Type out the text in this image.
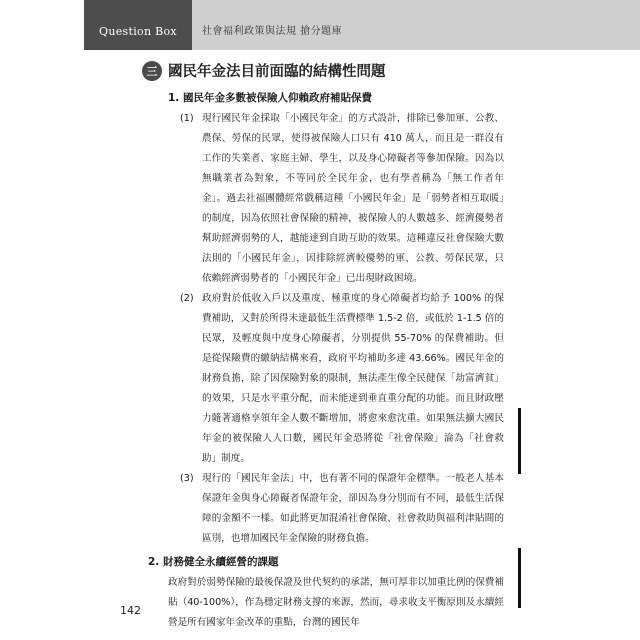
Question Box	社會福利政策與法規 搶分題庫
三 國民年金法目前面臨的結構性問題
1. 國民年金多數被保險人仰賴政府補貼保費
(1) 現行國民年金採取「小國民年金」的方式設計，排除已參加軍、公教、農保、勞保的民眾，使得被保險人口只有 410 萬人，而且是一群沒有工作的失業者、家庭主婦、學生，以及身心障礙者等參加保險。因為以無職業者為對象，不等同於全民年金，也有學者稱為「無工作者年金」。過去社福團體經常戲稱這種「小國民年金」是「弱勢者相互取暖」的制度，因為依照社會保險的精神，被保險人的人數越多、經濟優勢者幫助經濟弱勢的人，越能達到自助互助的效果。這種違反社會保險大數法則的「小國民年金」，因排除經濟較優勢的軍、公教、勞保民眾，只依賴經濟弱勢者的「小國民年金」已出現財政困境。
(2) 政府對於低收入戶以及重度、極重度的身心障礙者均給予 100% 的保費補助，又對於所得未達最低生活費標準 1.5-2 倍，或低於 1-1.5 倍的民眾，及輕度與中度身心障礙者，分別提供 55-70% 的保費補助。但是從保險費的繳納結構來看，政府平均補助多達 43.66%。國民年金的財務負擔，除了因保險對象的限制，無法產生像全民健保「劫富濟貧」的效果，只是水平重分配，而未能達到垂直重分配的功能。而且財政壓力隨著適格享領年金人數不斷增加，將愈來愈沈重。如果無法擴大國民年金的被保險人人口數，國民年金恐將從「社會保險」淪為「社會救助」制度。
(3) 現行的「國民年金法」中，也有著不同的保證年金標準。一般老人基本保證年金與身心障礙者保證年金，卻因為身分別而有不同，最低生活保障的金額不一樣。如此將更加混淆社會保險、社會救助與福利津貼間的區別，也增加國民年金保險的財務負擔。
2. 財務健全永續經營的課題
政府對於弱勢保險的最後保證及世代契約的承諾，無可厚非以加重比例的保費補貼（40-100%），作為穩定財務支撐的來源，然而，尋求收支平衡原則及永續經營是所有國家年金改革的重點，台灣的國民年
142
